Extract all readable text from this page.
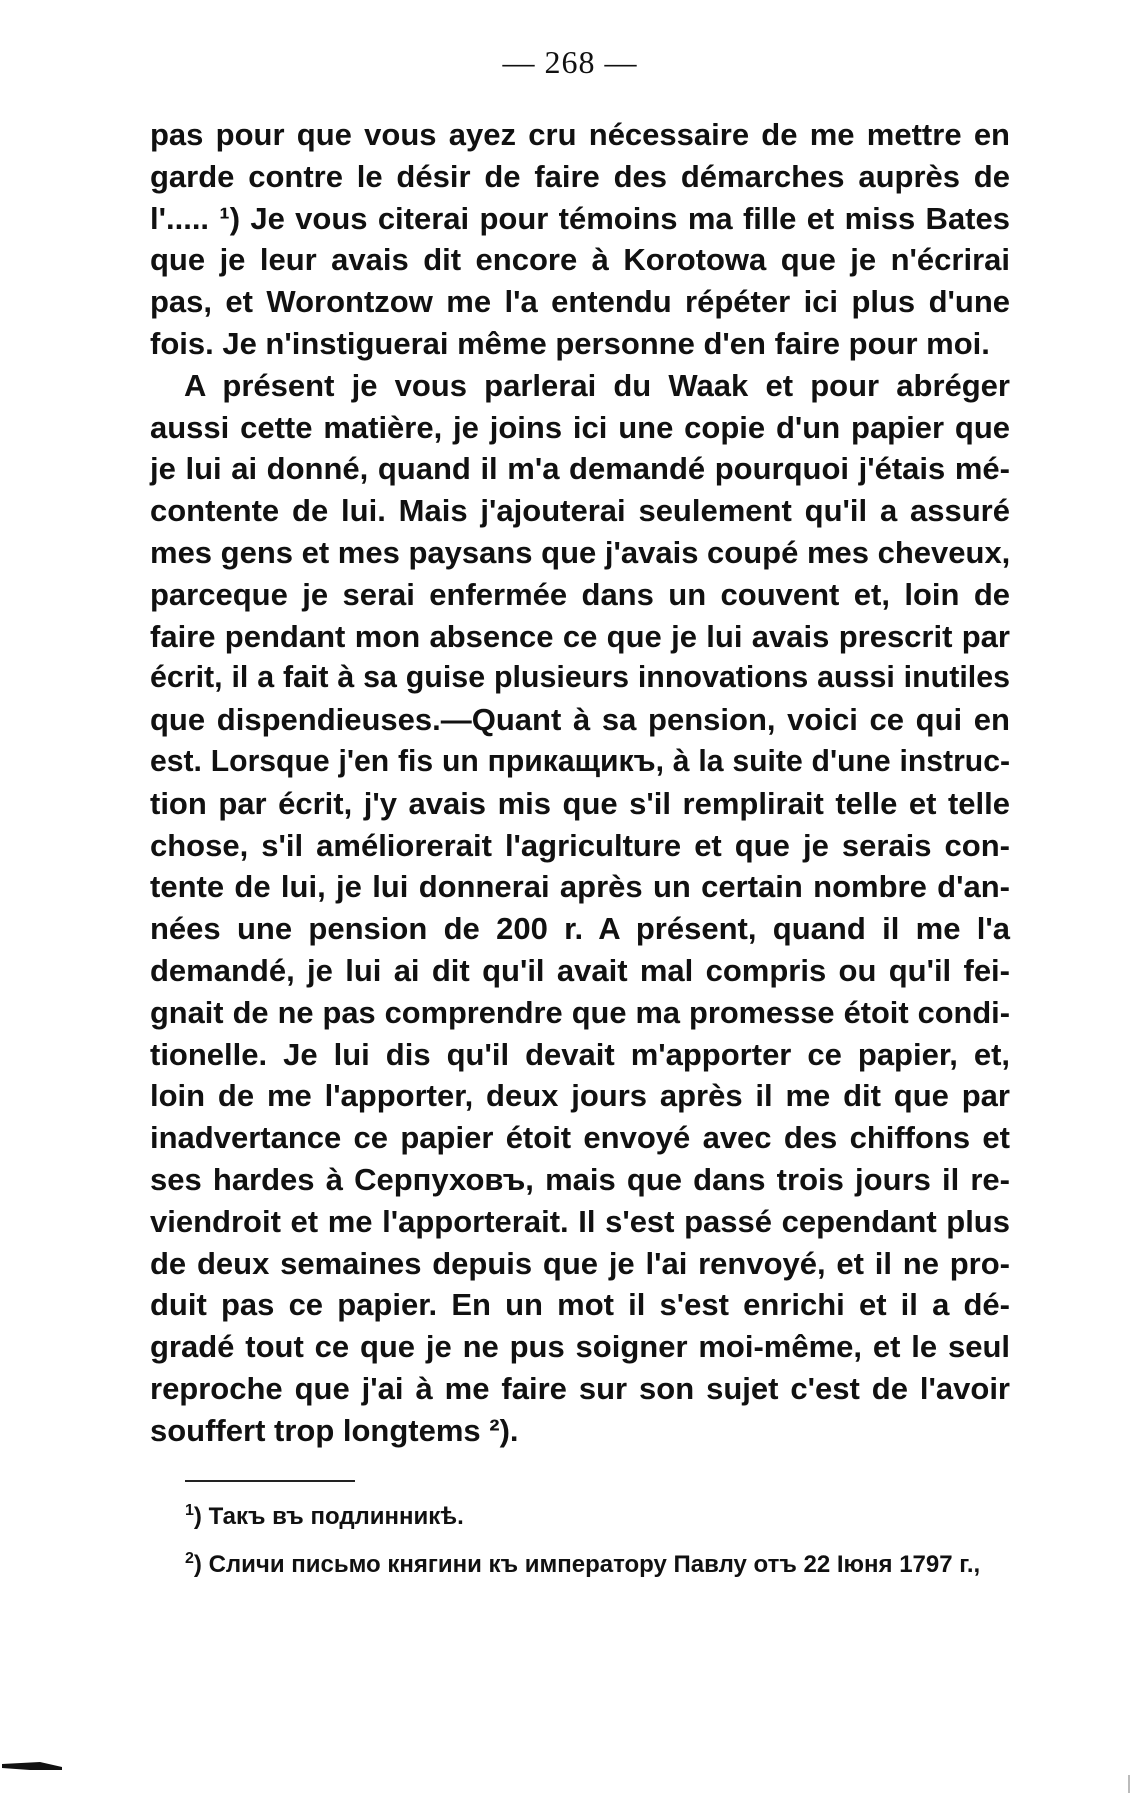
— 268 —
pas pour que vous ayez cru nécessaire de me mettre en
garde contre le désir de faire des démarches auprès de
l'..... ¹) Je vous citerai pour témoins ma fille et miss Bates
que je leur avais dit encore à Korotowa que je n'écrirai
pas, et Worontzow me l'a entendu répéter ici plus d'une
fois. Je n'instiguerai même personne d'en faire pour moi.
A présent je vous parlerai du Waak et pour abréger
aussi cette matière, je joins ici une copie d'un papier que
je lui ai donné, quand il m'a demandé pourquoi j'étais mé-
contente de lui. Mais j'ajouterai seulement qu'il a assuré
mes gens et mes paysans que j'avais coupé mes cheveux,
parceque je serai enfermée dans un couvent et, loin de
faire pendant mon absence ce que je lui avais prescrit par
écrit, il a fait à sa guise plusieurs innovations aussi inutiles
que dispendieuses.—Quant à sa pension, voici ce qui en
est. Lorsque j'en fis un прикащикъ, à la suite d'une instruc-
tion par écrit, j'y avais mis que s'il remplirait telle et telle
chose, s'il améliorerait l'agriculture et que je serais con-
tente de lui, je lui donnerai après un certain nombre d'an-
nées une pension de 200 r. A présent, quand il me l'a
demandé, je lui ai dit qu'il avait mal compris ou qu'il fei-
gnait de ne pas comprendre que ma promesse étoit condi-
tionelle. Je lui dis qu'il devait m'apporter ce papier, et,
loin de me l'apporter, deux jours après il me dit que par
inadvertance ce papier étoit envoyé avec des chiffons et
ses hardes à Серпуховъ, mais que dans trois jours il re-
viendroit et me l'apporterait. Il s'est passé cependant plus
de deux semaines depuis que je l'ai renvoyé, et il ne pro-
duit pas ce papier. En un mot il s'est enrichi et il a dé-
gradé tout ce que je ne pus soigner moi-même, et le seul
reproche que j'ai à me faire sur son sujet c'est de l'avoir
souffert trop longtems ²).
$^1$) Такъ въ подлинникѣ.
$^2$) Сличи письмо княгини къ императору Павлу отъ 22 Іюня 1797 г.,
